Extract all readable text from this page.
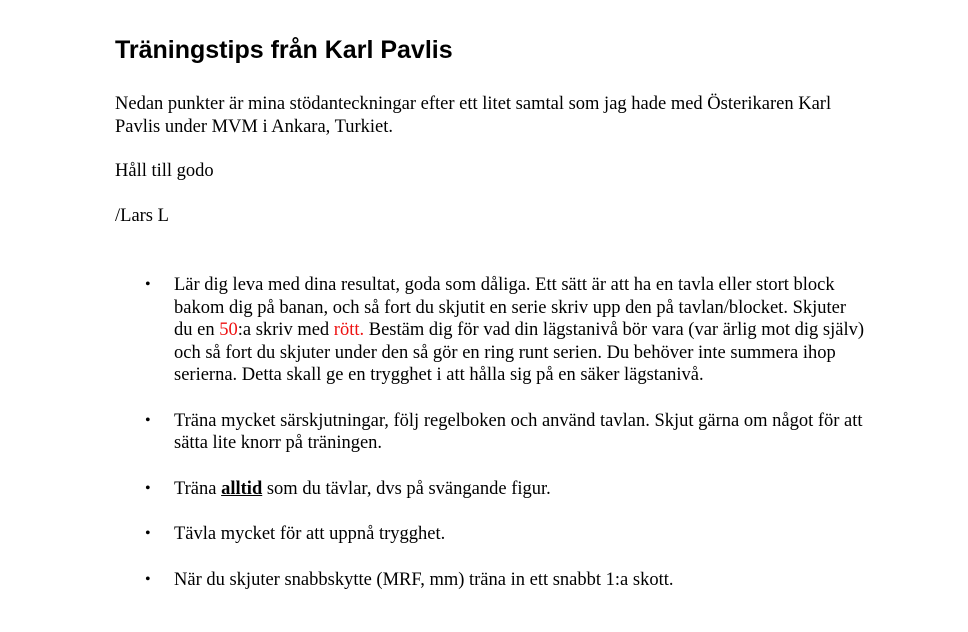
Träningstips från Karl Pavlis

Nedan punkter är mina stödanteckningar efter ett litet samtal som jag hade med Österikaren Karl Pavlis under MVM i Ankara, Turkiet.

Håll till godo

/Lars L

• Lär dig leva med dina resultat, goda som dåliga. Ett sätt är att ha en tavla eller stort block bakom dig på banan, och så fort du skjutit en serie skriv upp den på tavlan/blocket. Skjuter du en 50:a skriv med rött. Bestäm dig för vad din lägstanivå bör vara (var ärlig mot dig själv) och så fort du skjuter under den så gör en ring runt serien. Du behöver inte summera ihop serierna. Detta skall ge en trygghet i att hålla sig på en säker lägstanivå.
• Träna mycket särskjutningar, följ regelboken och använd tavlan. Skjut gärna om något för att sätta lite knorr på träningen.
• Träna alltid som du tävlar, dvs på svängande figur.
• Tävla mycket för att uppnå trygghet.
• När du skjuter snabbskytte (MRF, mm) träna in ett snabbt 1:a skott.
